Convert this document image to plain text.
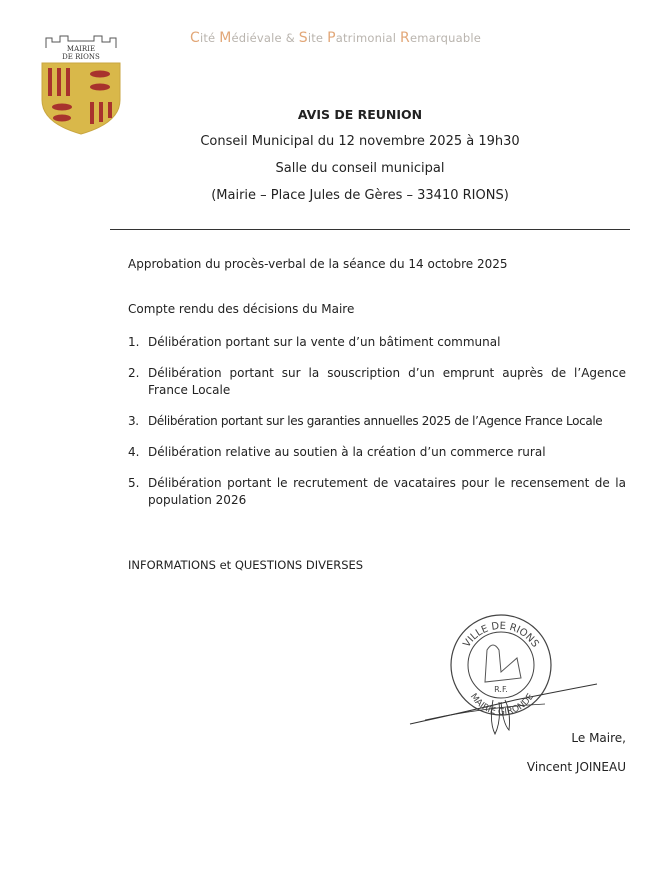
MAIRIE
DE RIONS
Cité Médiévale & Site Patrimonial Remarquable
AVIS DE REUNION
Conseil Municipal du 12 novembre 2025 à 19h30
Salle du conseil municipal
(Mairie – Place Jules de Gères – 33410 RIONS)
Approbation du procès-verbal de la séance du 14 octobre 2025
Compte rendu des décisions du Maire
1. Délibération portant sur la vente d’un bâtiment communal
2. Délibération portant sur la souscription d’un emprunt auprès de l’Agence France Locale
3. Délibération portant sur les garanties annuelles 2025 de l’Agence France Locale
4. Délibération relative au soutien à la création d’un commerce rural
5. Délibération portant le recrutement de vacataires pour le recensement de la population 2026
INFORMATIONS et QUESTIONS DIVERSES
VILLE DE RIONS
MAIRIE GIRONDE
R.F.
Le Maire,
Vincent JOINEAU
